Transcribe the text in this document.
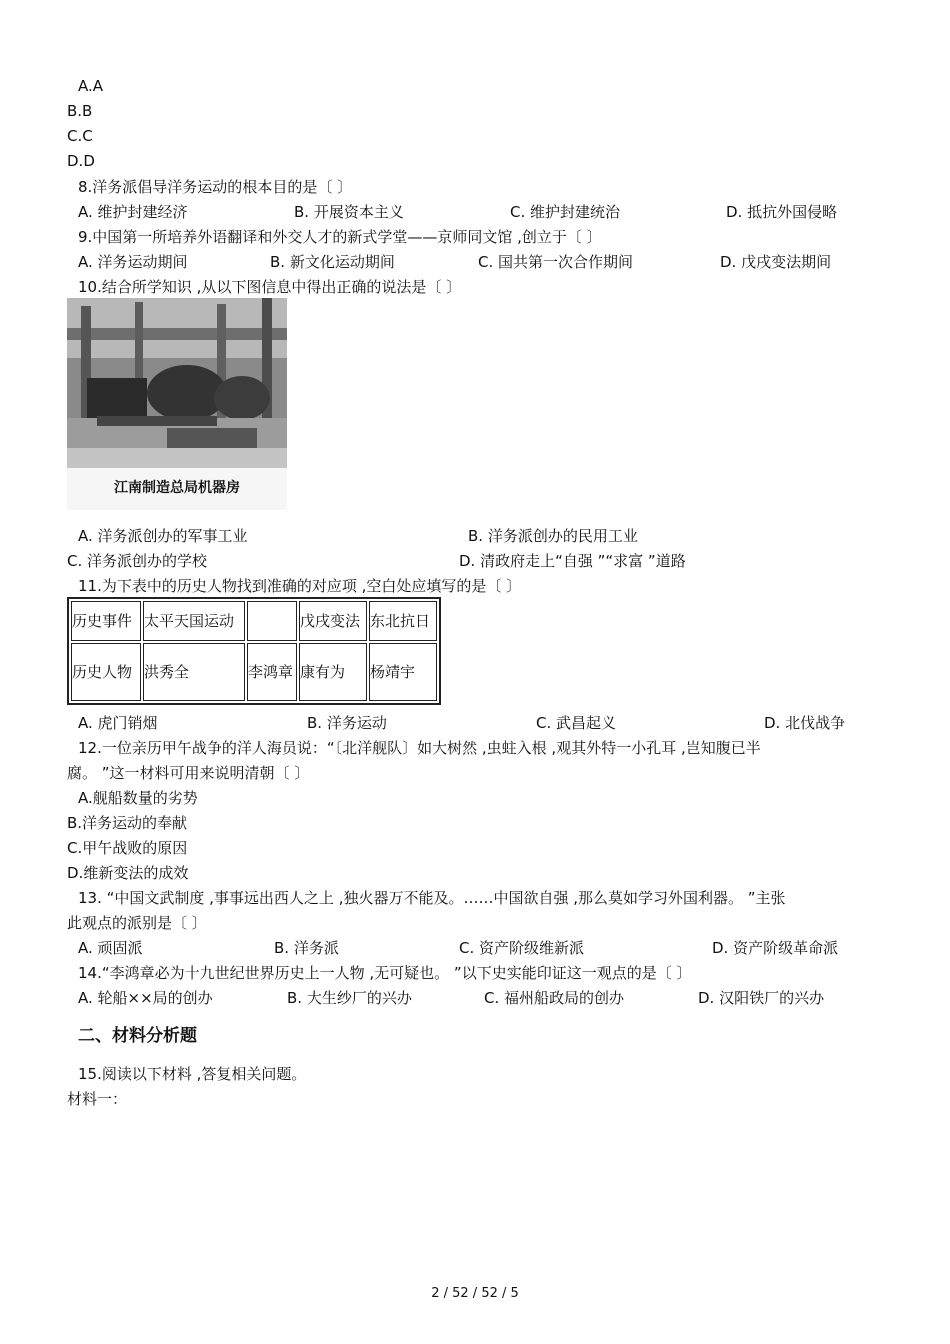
A.A
B.B
C.C
D.D
8.洋务派倡导洋务运动的根本目的是〔 〕
A. 维护封建经济	B. 开展资本主义	C. 维护封建统治	D. 抵抗外国侵略
9.中国第一所培养外语翻译和外交人才的新式学堂——京师同文馆 ,创立于〔 〕
A. 洋务运动期间	B. 新文化运动期间	C. 国共第一次合作期间	D. 戊戌变法期间
10.结合所学知识 ,从以下图信息中得出正确的说法是〔 〕
江南制造总局机器房
A. 洋务派创办的军事工业	B. 洋务派创办的民用工业
C. 洋务派创办的学校	D. 清政府走上“自强 ”“求富 ”道路
11.为下表中的历史人物找到准确的对应项 ,空白处应填写的是〔 〕
历史事件	太平天国运动		戊戌变法	东北抗日
历史人物	洪秀全	李鸿章	康有为	杨靖宇
A. 虎门销烟	B. 洋务运动	C. 武昌起义	D. 北伐战争
12.一位亲历甲午战争的洋人海员说：“〔北洋舰队〕如大树然 ,虫蛀入根 ,观其外特一小孔耳 ,岂知腹已半
腐。 ”这一材料可用来说明清朝〔 〕
A.舰船数量的劣势
B.洋务运动的奉献
C.甲午战败的原因
D.维新变法的成效
13. “中国文武制度 ,事事远出西人之上 ,独火器万不能及。……中国欲自强 ,那么莫如学习外国利器。 ”主张
此观点的派别是〔 〕
A. 顽固派	B. 洋务派	C. 资产阶级维新派	D. 资产阶级革命派
14.“李鸿章必为十九世纪世界历史上一人物 ,无可疑也。 ”以下史实能印证这一观点的是〔 〕
A. 轮船××局的创办	B. 大生纱厂的兴办	C. 福州船政局的创办	D. 汉阳铁厂的兴办
二、材料分析题
15.阅读以下材料 ,答复相关问题。
材料一：
2 / 52 / 52 / 5
